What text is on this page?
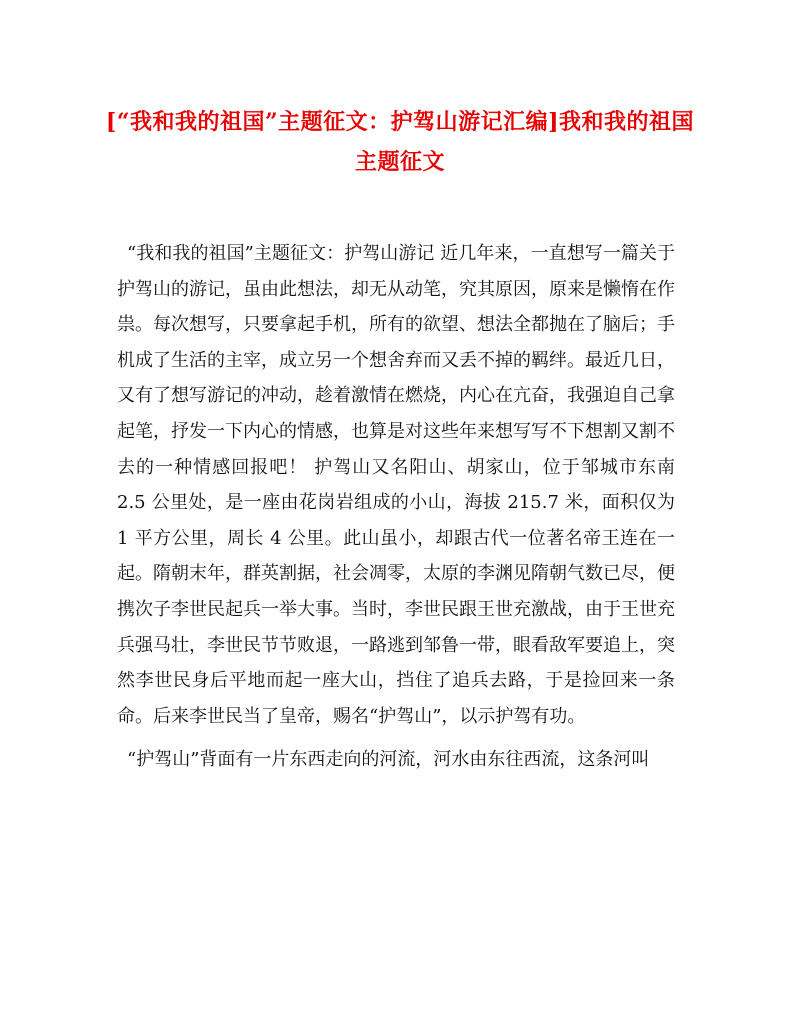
[“我和我的祖国”主题征文：护驾山游记汇编]我和我的祖国主题征文

“我和我的祖国”主题征文：护驾山游记 近几年来，一直想写一篇关于护驾山的游记，虽由此想法，却无从动笔，究其原因，原来是懒惰在作祟。每次想写，只要拿起手机，所有的欲望、想法全都抛在了脑后；手机成了生活的主宰，成立另一个想舍弃而又丢不掉的羁绊。最近几日，又有了想写游记的冲动，趁着激情在燃烧，内心在亢奋，我强迫自己拿起笔，抒发一下内心的情感，也算是对这些年来想写写不下想割又割不去的一种情感回报吧！ 护驾山又名阳山、胡家山，位于邹城市东南 2.5 公里处，是一座由花岗岩组成的小山，海拔 215.7 米，面积仅为 1 平方公里，周长 4 公里。此山虽小，却跟古代一位著名帝王连在一起。隋朝末年，群英割据，社会凋零，太原的李渊见隋朝气数已尽，便携次子李世民起兵一举大事。当时，李世民跟王世充激战，由于王世充兵强马壮，李世民节节败退，一路逃到邹鲁一带，眼看敌军要追上，突然李世民身后平地而起一座大山，挡住了追兵去路，于是捡回来一条命。后来李世民当了皇帝，赐名“护驾山”，以示护驾有功。

“护驾山”背面有一片东西走向的河流，河水由东往西流，这条河叫
